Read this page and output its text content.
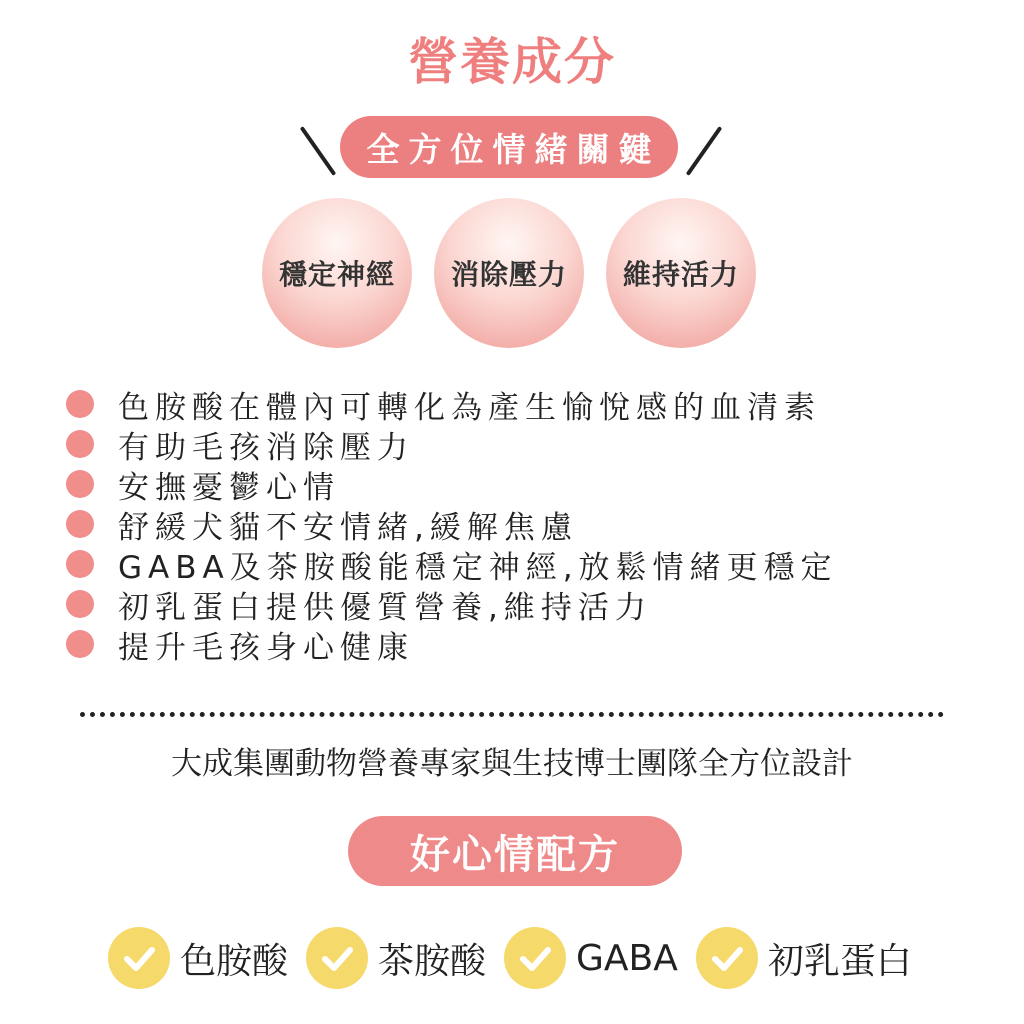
營養成分
全 方 位 情 緒 關 鍵
穩定神經 消除壓力 維持活力
色胺酸在體內可轉化為產生愉悅感的血清素
有助毛孩消除壓力
安撫憂鬱心情
舒緩犬貓不安情緒,緩解焦慮
GABA及茶胺酸能穩定神經,放鬆情緒更穩定
初乳蛋白提供優質營養,維持活力
提升毛孩身心健康
大成集團動物營養專家與生技博士團隊全方位設計
好心情配方
色胺酸	茶胺酸	GABA	初乳蛋白
